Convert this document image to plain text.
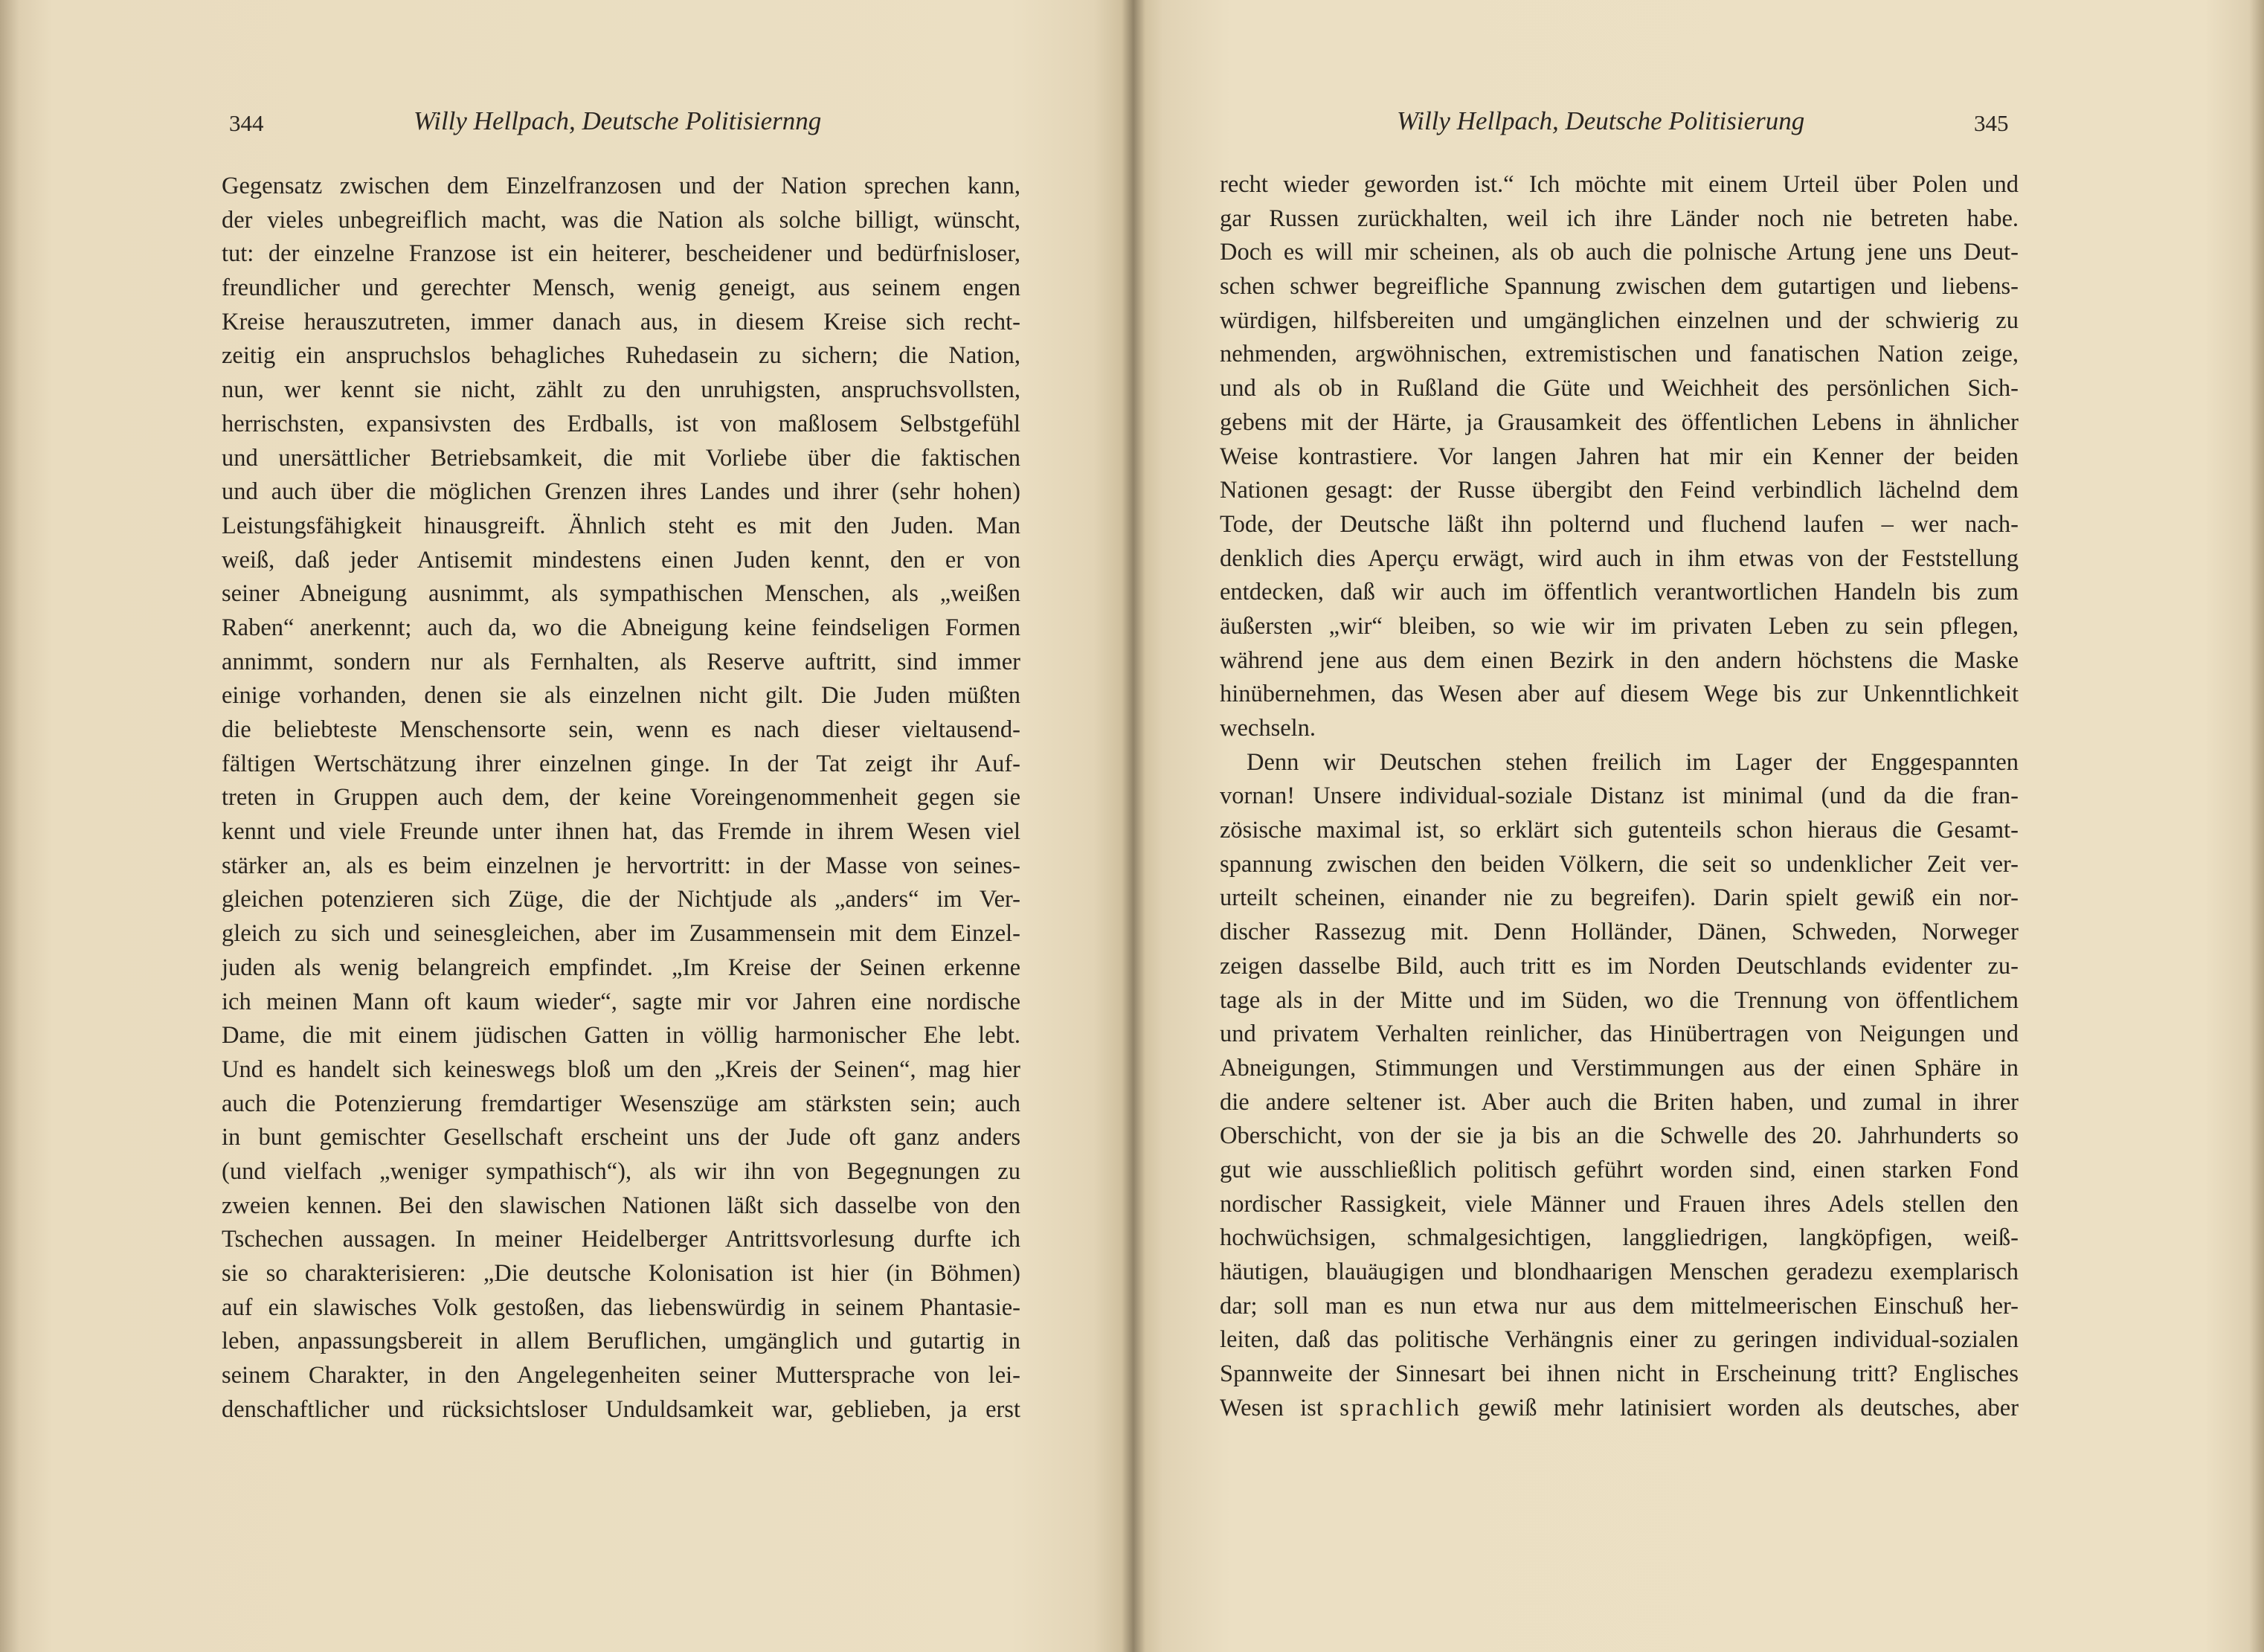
344	Willy Hellpach, Deutsche Politisiernng
Gegensatz zwischen dem Einzelfranzosen und der Nation sprechen kann,
der vieles unbegreiflich macht, was die Nation als solche billigt, wünscht,
tut: der einzelne Franzose ist ein heiterer, bescheidener und bedürfnisloser,
freundlicher und gerechter Mensch, wenig geneigt, aus seinem engen
Kreise herauszutreten, immer danach aus, in diesem Kreise sich recht-
zeitig ein anspruchslos behagliches Ruhedasein zu sichern; die Nation,
nun, wer kennt sie nicht, zählt zu den unruhigsten, anspruchsvollsten,
herrischsten, expansivsten des Erdballs, ist von maßlosem Selbstgefühl
und unersättlicher Betriebsamkeit, die mit Vorliebe über die faktischen
und auch über die möglichen Grenzen ihres Landes und ihrer (sehr hohen)
Leistungsfähigkeit hinausgreift. Ähnlich steht es mit den Juden. Man
weiß, daß jeder Antisemit mindestens einen Juden kennt, den er von
seiner Abneigung ausnimmt, als sympathischen Menschen, als „weißen
Raben“ anerkennt; auch da, wo die Abneigung keine feindseligen Formen
annimmt, sondern nur als Fernhalten, als Reserve auftritt, sind immer
einige vorhanden, denen sie als einzelnen nicht gilt. Die Juden müßten
die beliebteste Menschensorte sein, wenn es nach dieser vieltausend-
fältigen Wertschätzung ihrer einzelnen ginge. In der Tat zeigt ihr Auf-
treten in Gruppen auch dem, der keine Voreingenommenheit gegen sie
kennt und viele Freunde unter ihnen hat, das Fremde in ihrem Wesen viel
stärker an, als es beim einzelnen je hervortritt: in der Masse von seines-
gleichen potenzieren sich Züge, die der Nichtjude als „anders“ im Ver-
gleich zu sich und seinesgleichen, aber im Zusammensein mit dem Einzel-
juden als wenig belangreich empfindet. „Im Kreise der Seinen erkenne
ich meinen Mann oft kaum wieder“, sagte mir vor Jahren eine nordische
Dame, die mit einem jüdischen Gatten in völlig harmonischer Ehe lebt.
Und es handelt sich keineswegs bloß um den „Kreis der Seinen“, mag hier
auch die Potenzierung fremdartiger Wesenszüge am stärksten sein; auch
in bunt gemischter Gesellschaft erscheint uns der Jude oft ganz anders
(und vielfach „weniger sympathisch“), als wir ihn von Begegnungen zu
zweien kennen. Bei den slawischen Nationen läßt sich dasselbe von den
Tschechen aussagen. In meiner Heidelberger Antrittsvorlesung durfte ich
sie so charakterisieren: „Die deutsche Kolonisation ist hier (in Böhmen)
auf ein slawisches Volk gestoßen, das liebenswürdig in seinem Phantasie-
leben, anpassungsbereit in allem Beruflichen, umgänglich und gutartig in
seinem Charakter, in den Angelegenheiten seiner Muttersprache von lei-
denschaftlicher und rücksichtsloser Unduldsamkeit war, geblieben, ja erst
Willy Hellpach, Deutsche Politisierung	345
recht wieder geworden ist.“ Ich möchte mit einem Urteil über Polen und
gar Russen zurückhalten, weil ich ihre Länder noch nie betreten habe.
Doch es will mir scheinen, als ob auch die polnische Artung jene uns Deut-
schen schwer begreifliche Spannung zwischen dem gutartigen und liebens-
würdigen, hilfsbereiten und umgänglichen einzelnen und der schwierig zu
nehmenden, argwöhnischen, extremistischen und fanatischen Nation zeige,
und als ob in Rußland die Güte und Weichheit des persönlichen Sich-
gebens mit der Härte, ja Grausamkeit des öffentlichen Lebens in ähnlicher
Weise kontrastiere. Vor langen Jahren hat mir ein Kenner der beiden
Nationen gesagt: der Russe übergibt den Feind verbindlich lächelnd dem
Tode, der Deutsche läßt ihn polternd und fluchend laufen – wer nach-
denklich dies Aperçu erwägt, wird auch in ihm etwas von der Feststellung
entdecken, daß wir auch im öffentlich verantwortlichen Handeln bis zum
äußersten „wir“ bleiben, so wie wir im privaten Leben zu sein pflegen,
während jene aus dem einen Bezirk in den andern höchstens die Maske
hinübernehmen, das Wesen aber auf diesem Wege bis zur Unkenntlichkeit
wechseln.
Denn wir Deutschen stehen freilich im Lager der Enggespannten
vornan! Unsere individual-soziale Distanz ist minimal (und da die fran-
zösische maximal ist, so erklärt sich gutenteils schon hieraus die Gesamt-
spannung zwischen den beiden Völkern, die seit so undenklicher Zeit ver-
urteilt scheinen, einander nie zu begreifen). Darin spielt gewiß ein nor-
discher Rassezug mit. Denn Holländer, Dänen, Schweden, Norweger
zeigen dasselbe Bild, auch tritt es im Norden Deutschlands evidenter zu-
tage als in der Mitte und im Süden, wo die Trennung von öffentlichem
und privatem Verhalten reinlicher, das Hinübertragen von Neigungen und
Abneigungen, Stimmungen und Verstimmungen aus der einen Sphäre in
die andere seltener ist. Aber auch die Briten haben, und zumal in ihrer
Oberschicht, von der sie ja bis an die Schwelle des 20. Jahrhunderts so
gut wie ausschließlich politisch geführt worden sind, einen starken Fond
nordischer Rassigkeit, viele Männer und Frauen ihres Adels stellen den
hochwüchsigen, schmalgesichtigen, langgliedrigen, langköpfigen, weiß-
häutigen, blauäugigen und blondhaarigen Menschen geradezu exemplarisch
dar; soll man es nun etwa nur aus dem mittelmeerischen Einschuß her-
leiten, daß das politische Verhängnis einer zu geringen individual-sozialen
Spannweite der Sinnesart bei ihnen nicht in Erscheinung tritt? Englisches
Wesen ist sprachlich gewiß mehr latinisiert worden als deutsches, aber
